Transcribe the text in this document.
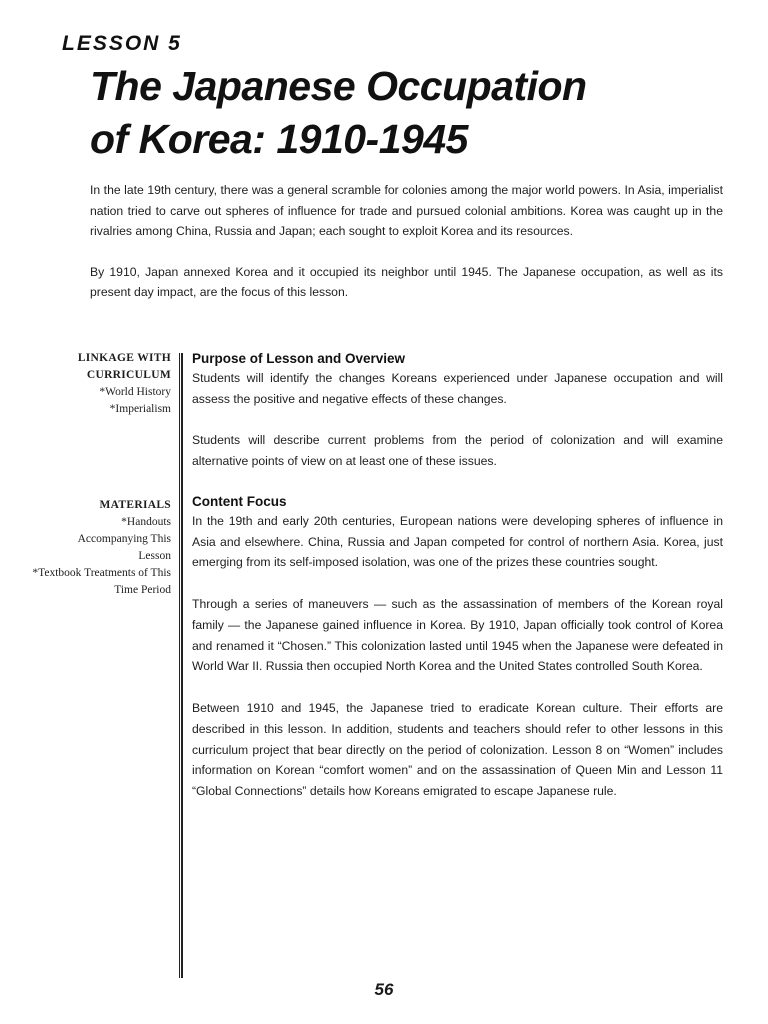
LESSON 5
The Japanese Occupation
of Korea: 1910-1945

In the late 19th century, there was a general scramble for colonies among the major world powers. In Asia, imperialist nation tried to carve out spheres of influence for trade and pursued colonial ambitions. Korea was caught up in the rivalries among China, Russia and Japan; each sought to exploit Korea and its resources.

By 1910, Japan annexed Korea and it occupied its neighbor until 1945. The Japanese occupation, as well as its present day impact, are the focus of this lesson.

LINKAGE WITH
CURRICULUM
*World History
*Imperialism
MATERIALS
*Handouts Accompanying This Lesson
*Textbook Treatments of This Time Period
Purpose of Lesson and Overview

Students will identify the changes Koreans experienced under Japanese occupation and will assess the positive and negative effects of these changes.

Students will describe current problems from the period of colonization and will examine alternative points of view on at least one of these issues.

Content Focus

In the 19th and early 20th centuries, European nations were developing spheres of influence in Asia and elsewhere. China, Russia and Japan competed for control of northern Asia. Korea, just emerging from its self-imposed isolation, was one of the prizes these countries sought.

Through a series of maneuvers — such as the assassination of members of the Korean royal family — the Japanese gained influence in Korea. By 1910, Japan officially took control of Korea and renamed it “Chosen.” This colonization lasted until 1945 when the Japanese were defeated in World War II. Russia then occupied North Korea and the United States controlled South Korea.

Between 1910 and 1945, the Japanese tried to eradicate Korean culture. Their efforts are described in this lesson. In addition, students and teachers should refer to other lessons in this curriculum project that bear directly on the period of colonization. Lesson 8 on “Women” includes information on Korean “comfort women” and on the assassination of Queen Min and Lesson 11 “Global Connections” details how Koreans emigrated to escape Japanese rule.

56
